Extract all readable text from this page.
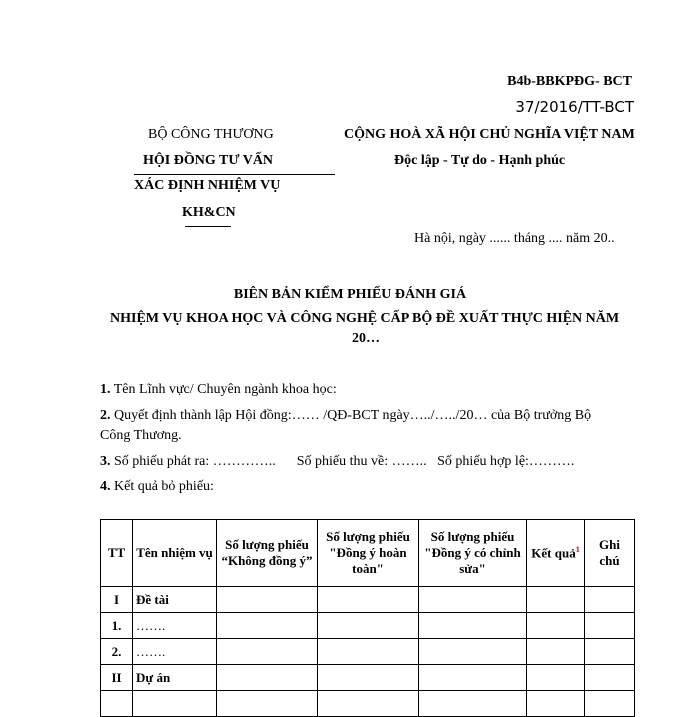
B4b-BBKPĐG- BCT
37/2016/TT-BCT
BỘ CÔNG THƯƠNG
HỘI ĐỒNG TƯ VẤN
XÁC ĐỊNH NHIỆM VỤ
KH&CN
CỘNG HOÀ XÃ HỘI CHỦ NGHĨA VIỆT NAM
Độc lập - Tự do - Hạnh phúc
Hà nội, ngày ...... tháng .... năm 20..
BIÊN BẢN KIỂM PHIẾU ĐÁNH GIÁ
NHIỆM VỤ KHOA HỌC VÀ CÔNG NGHỆ CẤP BỘ ĐỀ XUẤT THỰC HIỆN NĂM
20…
1. Tên Lĩnh vực/ Chuyên ngành khoa học:
2. Quyết định thành lập Hội đồng:…… /QĐ-BCT ngày…../…../20… của Bộ trưởng Bộ Công Thương.
3. Số phiếu phát ra: …………..      Số phiếu thu về: ……..   Số phiếu hợp lệ:……….
4. Kết quả bỏ phiếu:
TT	Tên nhiệm vụ	Số lượng phiếu “Không đồng ý”	Số lượng phiếu "Đồng ý hoàn toàn"	Số lượng phiếu "Đồng ý có chỉnh sửa"	Kết quả$^1$	Ghi chú
I	Đề tài					
1.	…….					
2.	…….					
II	Dự án					
